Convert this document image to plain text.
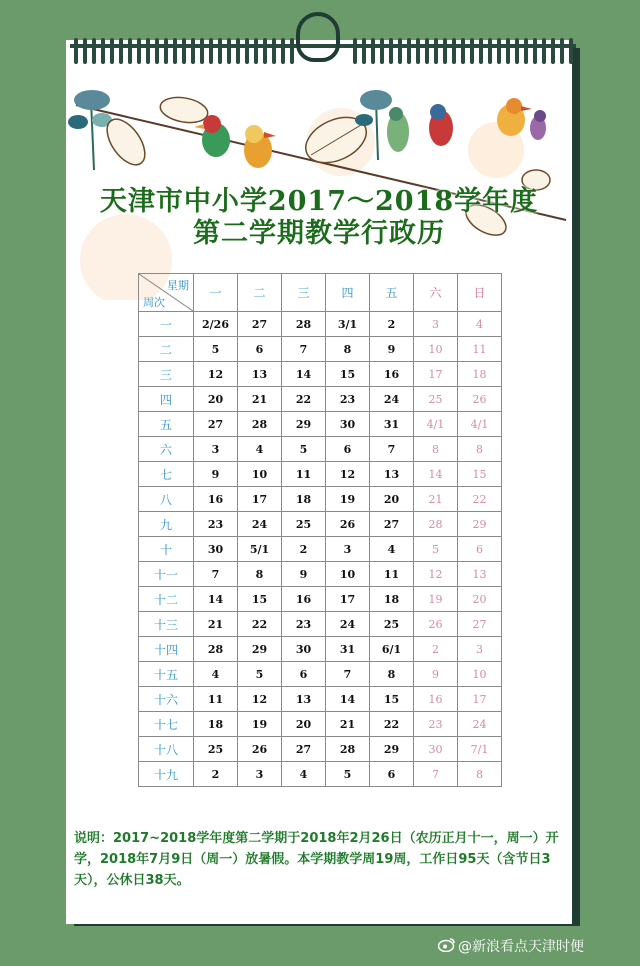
天津市中小学2017～2018学年度
第二学期教学行政历
星期
周次	一	二	三	四	五	六	日
一	2/26	27	28	3/1	2	3	4
二	5	6	7	8	9	10	11
三	12	13	14	15	16	17	18
四	20	21	22	23	24	25	26
五	27	28	29	30	31	4/1	4/1
六	3	4	5	6	7	8	8
七	9	10	11	12	13	14	15
八	16	17	18	19	20	21	22
九	23	24	25	26	27	28	29
十	30	5/1	2	3	4	5	6
十一	7	8	9	10	11	12	13
十二	14	15	16	17	18	19	20
十三	21	22	23	24	25	26	27
十四	28	29	30	31	6/1	2	3
十五	4	5	6	7	8	9	10
十六	11	12	13	14	15	16	17
十七	18	19	20	21	22	23	24
十八	25	26	27	28	29	30	7/1
十九	2	3	4	5	6	7	8
说明：2017~2018学年度第二学期于2018年2月26日（农历正月十一，周一）开学，2018年7月9日（周一）放暑假。本学期教学周19周，工作日95天（含节日3天），公休日38天。
@新浪看点天津时便
